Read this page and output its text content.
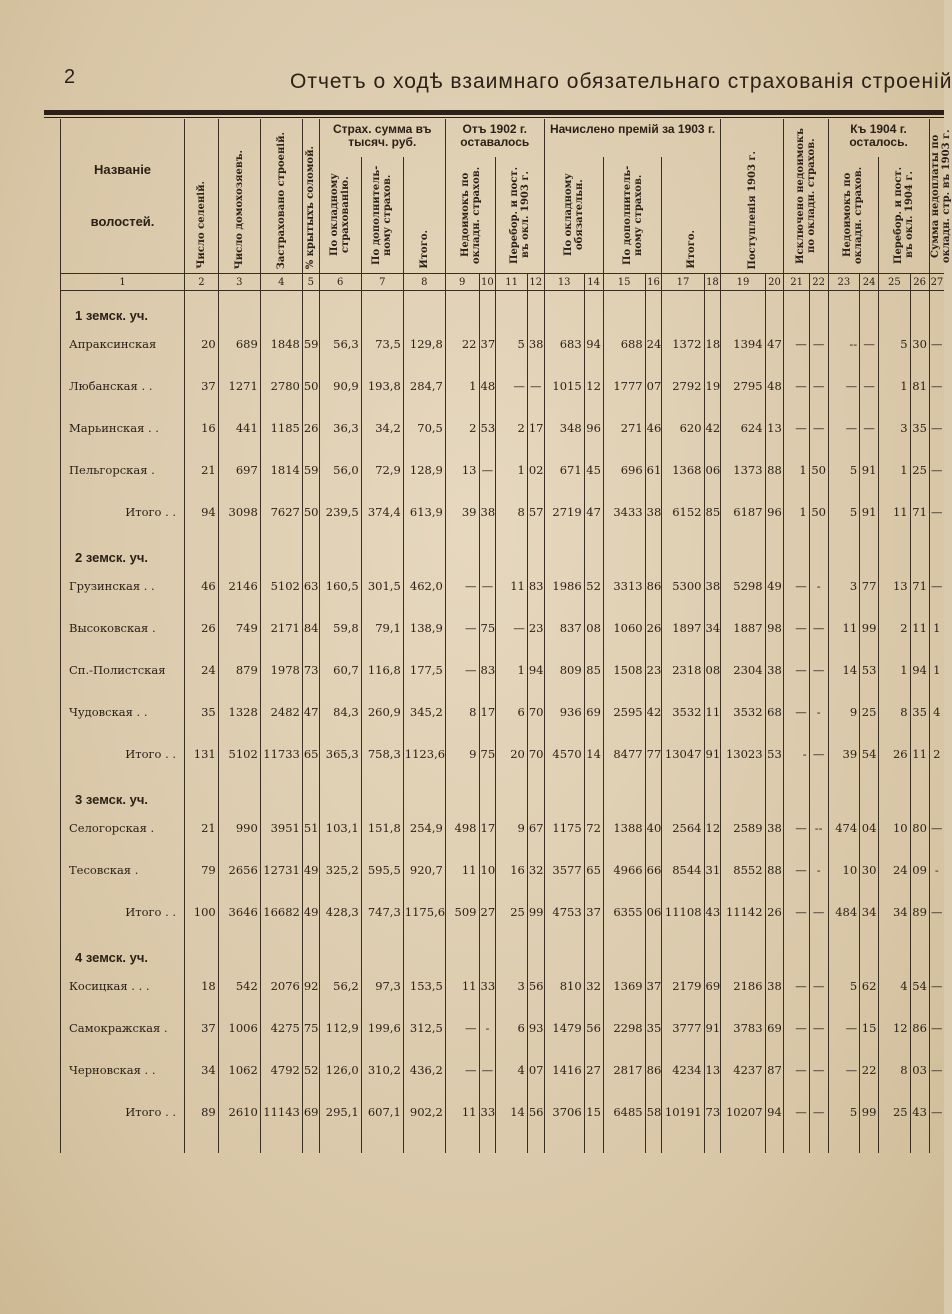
2	Отчетъ о ходѣ взаимнаго обязательнаго страхованія строеній
Названіе

волостей.	Число селеній.	Число домохозяевъ.	Застраховано строеній.	% крытыхъ соломой.	Страх. сумма въ тысяч. руб.			Отъ 1902 г. оставалось				Начислено премій за 1903 г.						Поступленія 1903 г.		Исключено недоимокъ по окладн. страхов.		Къ 1904 г. осталось.				Сумма недоплаты по окладн. стр. въ 1903 г.

					По окладному страхованію.	По дополнитель-ному страхов.	Итого.	Недоимокъ по окладн. страхов.		Перебор. и пост. въ окл. 1903 г.		По окладному обязательн.		По дополнитель-ному страхов.		Итого.						Недоимокъ по окладн. страхов.		Перебор. и пост. въ окл. 1904 г.		

1	2	3	4	5	6	7	8	9	10	11	12	13	14	15	16	17	18	19	20	21	22	23	24	25	26	27
1 земск. уч.																										
Апраксинская	20	689	1848	59	56,3	73,5	129,8	22	37	5	38	683	94	688	24	1372	18	1394	47	—	—	--	—	5	30	—
Любанская . .	37	1271	2780	50	90,9	193,8	284,7	1	48	—	—	1015	12	1777	07	2792	19	2795	48	—	—	—	—	1	81	—
Марьинская . .	16	441	1185	26	36,3	34,2	70,5	2	53	2	17	348	96	271	46	620	42	624	13	—	—	—	—	3	35	—
Пельгорская .	21	697	1814	59	56,0	72,9	128,9	13	—	1	02	671	45	696	61	1368	06	1373	88	1	50	5	91	1	25	—
Итого . .	94	3098	7627	50	239,5	374,4	613,9	39	38	8	57	2719	47	3433	38	6152	85	6187	96	1	50	5	91	11	71	—
2 земск. уч.																										
Грузинская . .	46	2146	5102	63	160,5	301,5	462,0	—	—	11	83	1986	52	3313	86	5300	38	5298	49	—	-	3	77	13	71	—
Высоковская .	26	749	2171	84	59,8	79,1	138,9	—	75	—	23	837	08	1060	26	1897	34	1887	98	—	—	11	99	2	11	1
Сп.-Полистская	24	879	1978	73	60,7	116,8	177,5	—	83	1	94	809	85	1508	23	2318	08	2304	38	—	—	14	53	1	94	1
Чудовская . .	35	1328	2482	47	84,3	260,9	345,2	8	17	6	70	936	69	2595	42	3532	11	3532	68	—	-	9	25	8	35	4
Итого . .	131	5102	11733	65	365,3	758,3	1123,6	9	75	20	70	4570	14	8477	77	13047	91	13023	53	-	—	39	54	26	11	2
3 земск. уч.																										
Селогорская .	21	990	3951	51	103,1	151,8	254,9	498	17	9	67	1175	72	1388	40	2564	12	2589	38	—	--	474	04	10	80	—
Тесовская .	79	2656	12731	49	325,2	595,5	920,7	11	10	16	32	3577	65	4966	66	8544	31	8552	88	—	-	10	30	24	09	-
Итого . .	100	3646	16682	49	428,3	747,3	1175,6	509	27	25	99	4753	37	6355	06	11108	43	11142	26	—	—	484	34	34	89	—
4 земск. уч.																										
Косицкая . . .	18	542	2076	92	56,2	97,3	153,5	11	33	3	56	810	32	1369	37	2179	69	2186	38	—	—	5	62	4	54	—
Самокражская .	37	1006	4275	75	112,9	199,6	312,5	—	-	6	93	1479	56	2298	35	3777	91	3783	69	—	—	—	15	12	86	—
Черновская . .	34	1062	4792	52	126,0	310,2	436,2	—	—	4	07	1416	27	2817	86	4234	13	4237	87	—	—	—	22	8	03	—
Итого . .	89	2610	11143	69	295,1	607,1	902,2	11	33	14	56	3706	15	6485	58	10191	73	10207	94	—	—	5	99	25	43	—
